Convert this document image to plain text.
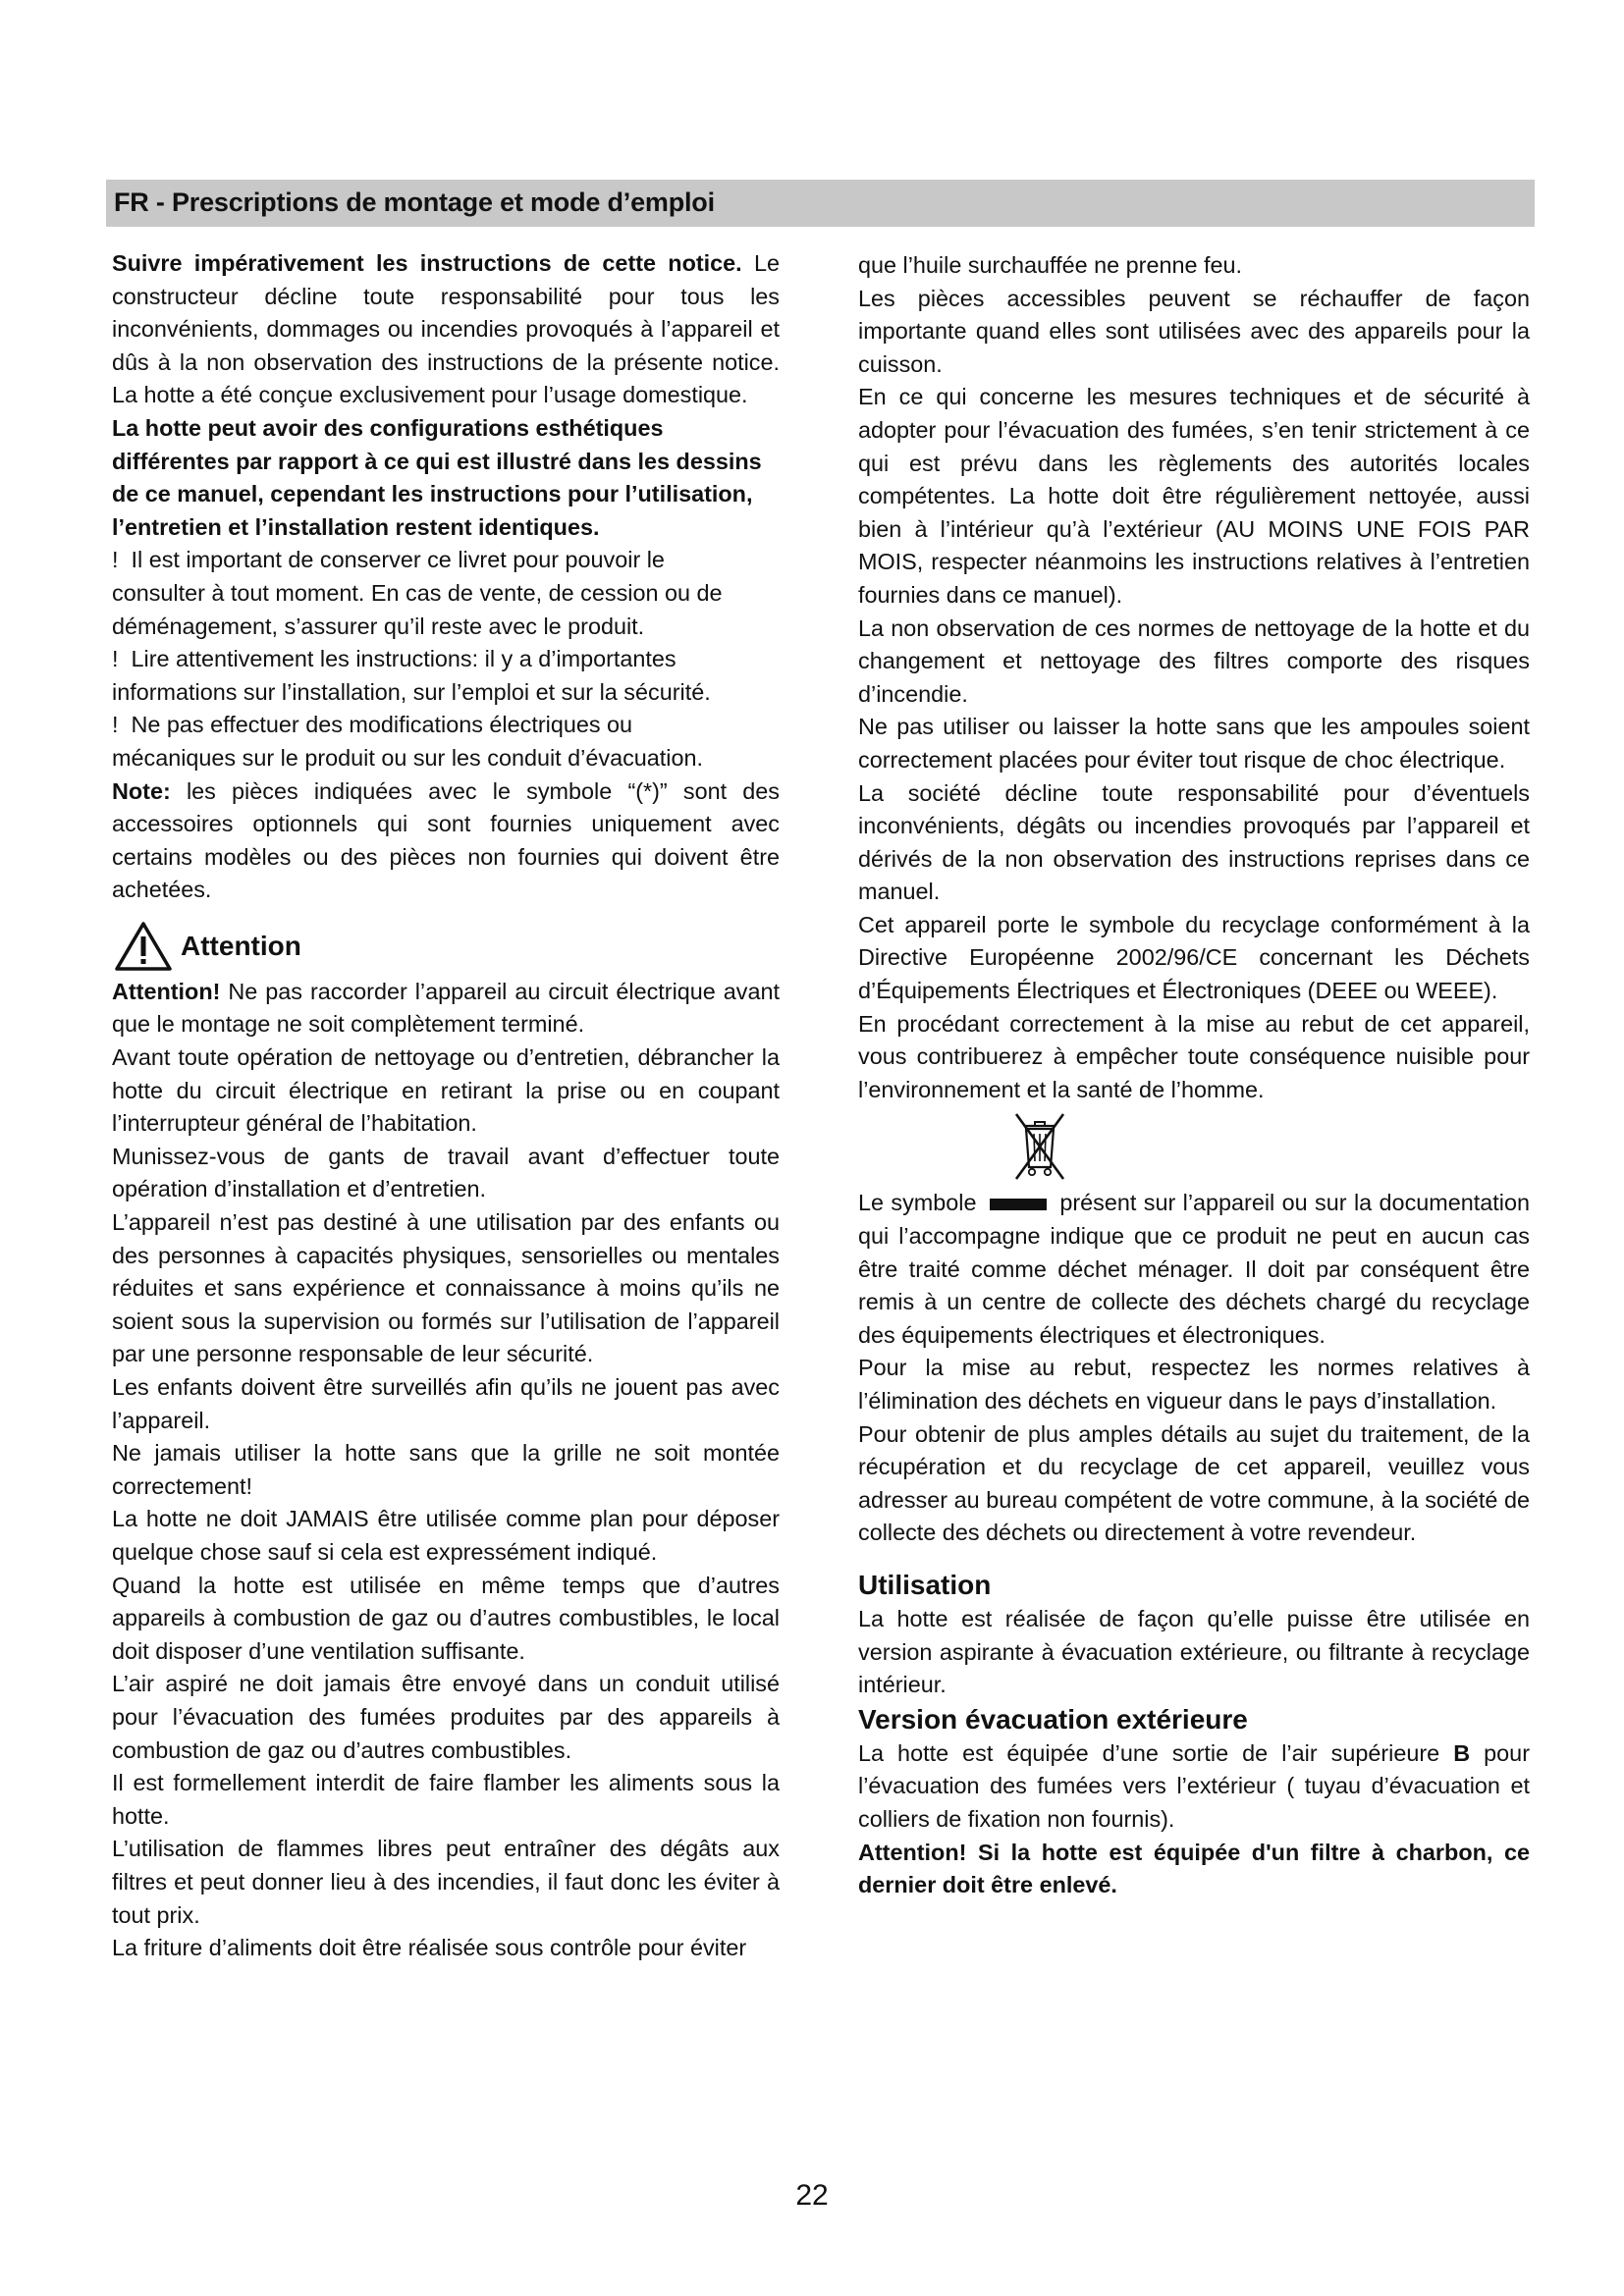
FR - Prescriptions de montage et mode d’emploi

Suivre impérativement les instructions de cette notice. Le constructeur décline toute responsabilité pour tous les inconvénients, dommages ou incendies provoqués à l’appareil et dûs à la non observation des instructions de la présente notice. La hotte a été conçue exclusivement pour l’usage domestique.

La hotte peut avoir des configurations esthétiques différentes par rapport à ce qui est illustré dans les dessins de ce manuel, cependant les instructions pour l’utilisation, l’entretien et l’installation restent identiques.

! Il est important de conserver ce livret pour pouvoir le

consulter à tout moment. En cas de vente, de cession ou de déménagement, s’assurer qu’il reste avec le produit.

! Lire attentivement les instructions: il y a d’importantes

informations sur l’installation, sur l’emploi et sur la sécurité.

! Ne pas effectuer des modifications électriques ou

mécaniques sur le produit ou sur les conduit d’évacuation.

Note: les pièces indiquées avec le symbole “(*)” sont des accessoires optionnels qui sont fournies uniquement avec certains modèles ou des pièces non fournies qui doivent être achetées.

Attention

Attention! Ne pas raccorder l’appareil au circuit électrique avant que le montage ne soit complètement terminé.

Avant toute opération de nettoyage ou d’entretien, débrancher la hotte du circuit électrique en retirant la prise ou en coupant l’interrupteur général de l’habitation.

Munissez-vous de gants de travail avant d’effectuer toute opération d’installation et d’entretien.

L’appareil n’est pas destiné à une utilisation par des enfants ou des personnes à capacités physiques, sensorielles ou mentales réduites et sans expérience et connaissance à moins qu’ils ne soient sous la supervision ou formés sur l’utilisation de l’appareil par une personne responsable de leur sécurité.

Les enfants doivent être surveillés afin qu’ils ne jouent pas avec l’appareil.

Ne jamais utiliser la hotte sans que la grille ne soit montée correctement!

La hotte ne doit JAMAIS être utilisée comme plan pour déposer quelque chose sauf si cela est expressément indiqué.

Quand la hotte est utilisée en même temps que d’autres appareils à combustion de gaz ou d’autres combustibles, le local doit disposer d’une ventilation suffisante.

L’air aspiré ne doit jamais être envoyé dans un conduit utilisé pour l’évacuation des fumées produites par des appareils à combustion de gaz ou d’autres combustibles.

Il est formellement interdit de faire flamber les aliments sous la hotte.

L’utilisation de flammes libres peut entraîner des dégâts aux filtres et peut donner lieu à des incendies, il faut donc les éviter à tout prix.

La friture d’aliments doit être réalisée sous contrôle pour éviter

que l’huile surchauffée ne prenne feu.

Les pièces accessibles peuvent se réchauffer de façon importante quand elles sont utilisées avec des appareils pour la cuisson.

En ce qui concerne les mesures techniques et de sécurité à adopter pour l’évacuation des fumées, s’en tenir strictement à ce qui est prévu dans les règlements des autorités locales compétentes. La hotte doit être régulièrement nettoyée, aussi bien à l’intérieur qu’à l’extérieur (AU MOINS UNE FOIS PAR MOIS, respecter néanmoins les instructions relatives à l’entretien fournies dans ce manuel).

La non observation de ces normes de nettoyage de la hotte et du changement et nettoyage des filtres comporte des risques d’incendie.

Ne pas utiliser ou laisser la hotte sans que les ampoules soient correctement placées pour éviter tout risque de choc électrique.

La société décline toute responsabilité pour d’éventuels inconvénients, dégâts ou incendies provoqués par l’appareil et dérivés de la non observation des instructions reprises dans ce manuel.

Cet appareil porte le symbole du recyclage conformément à la Directive Européenne 2002/96/CE concernant les Déchets d’Équipements Électriques et Électroniques (DEEE ou WEEE).

En procédant correctement à la mise au rebut de cet appareil, vous contribuerez à empêcher toute conséquence nuisible pour l’environnement et la santé de l’homme.

Le symbole	présent sur l’appareil ou sur la documentation qui l’accompagne indique que ce produit ne peut en aucun cas être traité comme déchet ménager. Il doit par conséquent être remis à un centre de collecte des déchets chargé du recyclage des équipements électriques et électroniques.

Pour la mise au rebut, respectez les normes relatives à l’élimination des déchets en vigueur dans le pays d’installation.

Pour obtenir de plus amples détails au sujet du traitement, de la récupération et du recyclage de cet appareil, veuillez vous adresser au bureau compétent de votre commune, à la société de collecte des déchets ou directement à votre revendeur.

Utilisation

La hotte est réalisée de façon qu’elle puisse être utilisée en version aspirante à évacuation extérieure, ou filtrante à recyclage intérieur.

Version évacuation extérieure

La hotte est équipée d’une sortie de l’air supérieure B pour l’évacuation des fumées vers l’extérieur ( tuyau d’évacuation et colliers de fixation non fournis).

Attention! Si la hotte est équipée d'un filtre à charbon, ce dernier doit être enlevé.

22
